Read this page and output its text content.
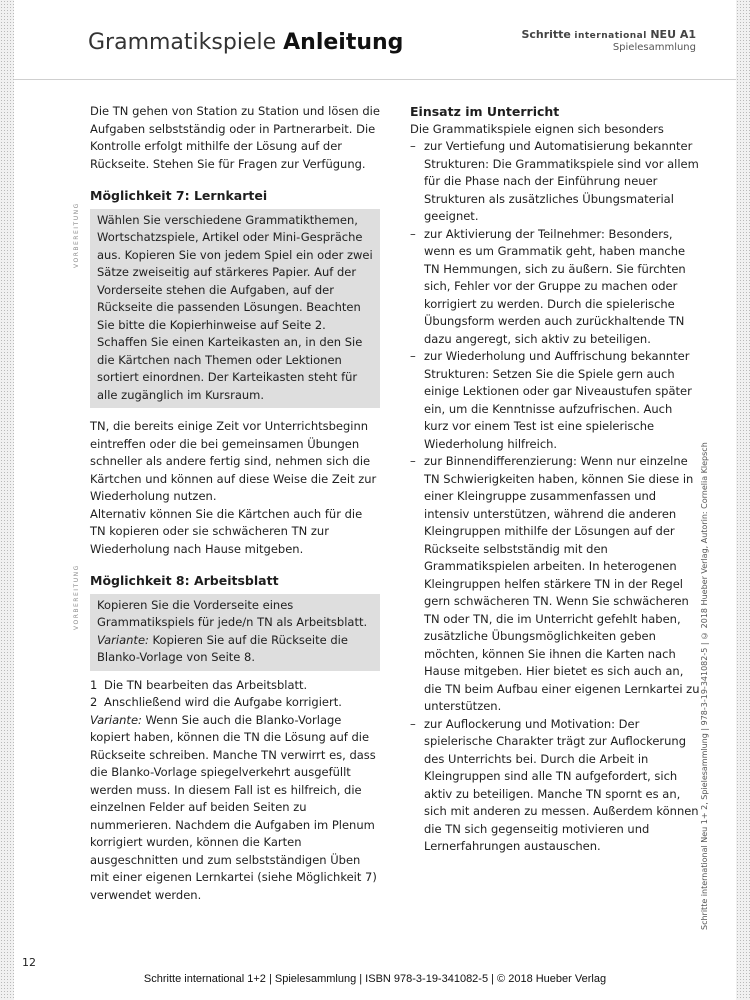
Grammatikspiele Anleitung	Schritte international NEU A1
Spielesammlung
VORBEREITUNG
VORBEREITUNG

Die TN gehen von Station zu Station und lösen die Aufgaben selbstständig oder in Partnerarbeit. Die Kontrolle erfolgt mithilfe der Lösung auf der Rückseite. Stehen Sie für Fragen zur Verfügung.

Möglichkeit 7: Lernkartei

Wählen Sie verschiedene Grammatikthemen, Wortschatzspiele, Artikel oder Mini-Gespräche aus. Kopieren Sie von jedem Spiel ein oder zwei Sätze zweiseitig auf stärkeres Papier. Auf der Vorderseite stehen die Aufgaben, auf der Rückseite die passenden Lösungen. Beachten Sie bitte die Kopierhinweise auf Seite 2.

Schaffen Sie einen Karteikasten an, in den Sie die Kärtchen nach Themen oder Lektionen sortiert einordnen. Der Karteikasten steht für alle zugänglich im Kursraum.

TN, die bereits einige Zeit vor Unterrichtsbeginn eintreffen oder die bei gemeinsamen Übungen schneller als andere fertig sind, nehmen sich die Kärtchen und können auf diese Weise die Zeit zur Wiederholung nutzen.

Alternativ können Sie die Kärtchen auch für die TN kopieren oder sie schwächeren TN zur Wiederholung nach Hause mitgeben.

Möglichkeit 8: Arbeitsblatt

Kopieren Sie die Vorderseite eines Grammatikspiels für jede/n TN als Arbeitsblatt.

Variante: Kopieren Sie auf die Rückseite die Blanko-Vorlage von Seite 8.

1 Die TN bearbeiten das Arbeitsblatt.
2 Anschließend wird die Aufgabe korrigiert.

Variante: Wenn Sie auch die Blanko-Vorlage kopiert haben, können die TN die Lösung auf die Rückseite schreiben. Manche TN verwirrt es, dass die Blanko-Vorlage spiegelverkehrt ausgefüllt werden muss. In diesem Fall ist es hilfreich, die einzelnen Felder auf beiden Seiten zu nummerieren. Nachdem die Aufgaben im Plenum korrigiert wurden, können die Karten ausgeschnitten und zum selbstständigen Üben mit einer eigenen Lernkartei (siehe Möglichkeit 7) verwendet werden.

Einsatz im Unterricht

Die Grammatikspiele eignen sich besonders

– zur Vertiefung und Automatisierung bekannter Strukturen: Die Grammatikspiele sind vor allem für die Phase nach der Einführung neuer Strukturen als zusätzliches Übungsmaterial geeignet.
– zur Aktivierung der Teilnehmer: Besonders, wenn es um Grammatik geht, haben manche TN Hemmungen, sich zu äußern. Sie fürchten sich, Fehler vor der Gruppe zu machen oder korrigiert zu werden. Durch die spielerische Übungsform werden auch zurückhaltende TN dazu angeregt, sich aktiv zu beteiligen.
– zur Wiederholung und Auffrischung bekannter Strukturen: Setzen Sie die Spiele gern auch einige Lektionen oder gar Niveaustufen später ein, um die Kenntnisse aufzufrischen. Auch kurz vor einem Test ist eine spielerische Wiederholung hilfreich.
– zur Binnendifferenzierung: Wenn nur einzelne TN Schwierigkeiten haben, können Sie diese in einer Kleingruppe zusammenfassen und intensiv unterstützen, während die anderen Kleingruppen mithilfe der Lösungen auf der Rückseite selbstständig mit den Grammatikspielen arbeiten. In heterogenen Kleingruppen helfen stärkere TN in der Regel gern schwächeren TN. Wenn Sie schwächeren TN oder TN, die im Unterricht gefehlt haben, zusätzliche Übungsmöglichkeiten geben möchten, können Sie ihnen die Karten nach Hause mitgeben. Hier bietet es sich auch an, die TN beim Aufbau einer eigenen Lernkartei zu unterstützen.
– zur Auflockerung und Motivation: Der spielerische Charakter trägt zur Auflockerung des Unterrichts bei. Durch die Arbeit in Kleingruppen sind alle TN aufgefordert, sich aktiv zu beteiligen. Manche TN spornt es an, sich mit anderen zu messen. Außerdem können die TN sich gegenseitig motivieren und Lernerfahrungen austauschen.	Schritte international Neu 1+ 2, Spielesammlung | 978-3-19-341082-5 | © 2018 Hueber Verlag, Autorin: Cornelia Klepsch
12
Schritte international 1+2 | Spielesammlung | ISBN 978-3-19-341082-5 | © 2018 Hueber Verlag
